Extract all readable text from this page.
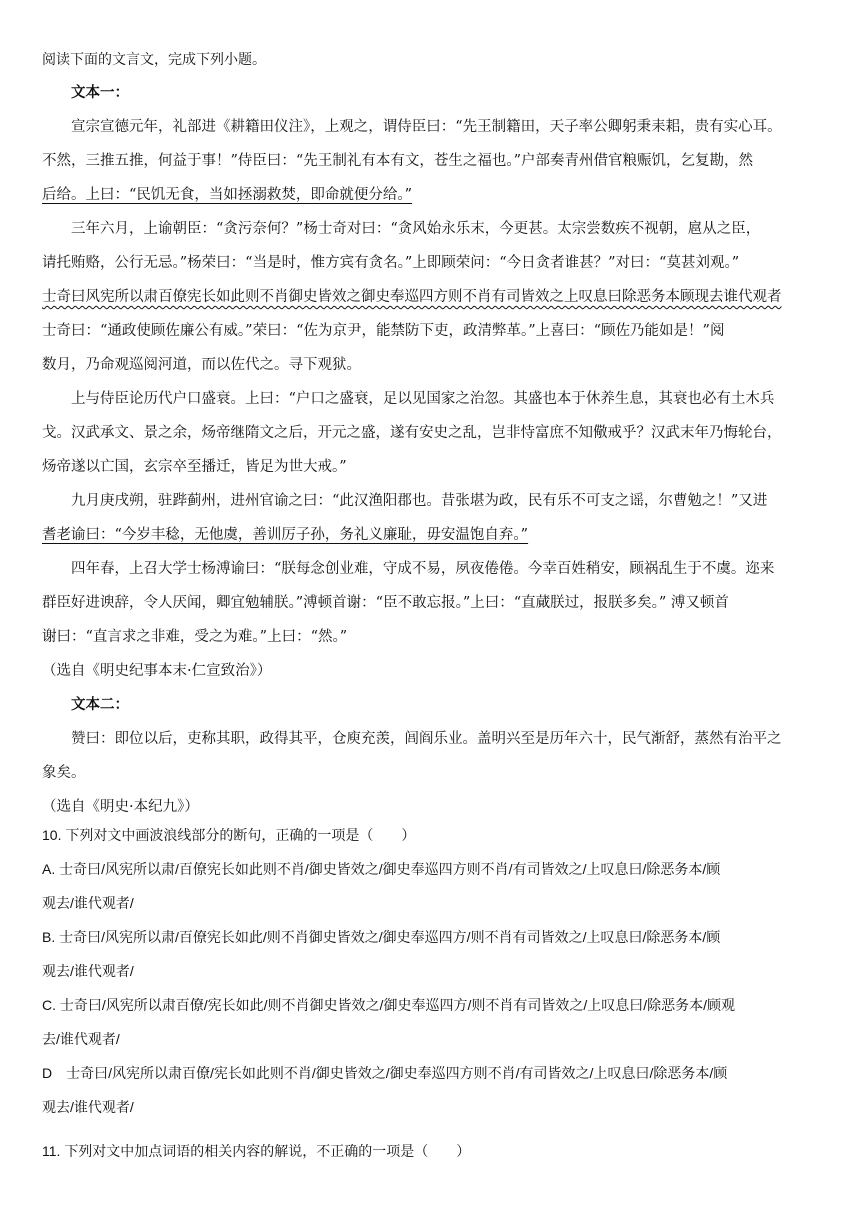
阅读下面的文言文，完成下列小题。
文本一：
宣宗宣德元年，礼部进《耕籍田仪注》，上观之，谓侍臣曰：“先王制籍田，天子率公卿躬秉耒耜，贵有实心耳。
不然，三推五推，何益于事！”侍臣曰：“先王制礼有本有文，苍生之福也。”户部奏青州借官粮赈饥，乞复勘，然
后给。上曰：“民饥无食，当如拯溺救焚，即命就便分给。”
三年六月，上谕朝臣：“贪污奈何？”杨士奇对曰：“贪风始永乐末，今更甚。太宗尝数疾不视朝，扈从之臣，
请托贿赂，公行无忌。”杨荣曰：“当是时，惟方宾有贪名。”上即顾荣问：“今日贪者谁甚？”对曰：“莫甚刘观。”
士奇曰风宪所以肃百僚宪长如此则不肖御史皆效之御史奉巡四方则不肖有司皆效之上叹息曰除恶务本顾现去谁代观者
士奇曰：“通政使顾佐廉公有威。”荣曰：“佐为京尹，能禁防下吏，政清弊革。”上喜曰：“顾佐乃能如是！”阅
数月，乃命观巡阅河道，而以佐代之。寻下观狱。
上与侍臣论历代户口盛衰。上曰：“户口之盛衰，足以见国家之治忽。其盛也本于休养生息，其衰也必有土木兵
戈。汉武承文、景之余，炀帝继隋文之后，开元之盛，遂有安史之乱，岂非恃富庶不知儆戒乎？汉武末年乃悔轮台，
炀帝遂以亡国，玄宗卒至播迁，皆足为世大戒。”
九月庚戌朔，驻跸蓟州，进州官谕之曰：“此汉渔阳郡也。昔张堪为政，民有乐不可支之谣，尔曹勉之！”又进
耆老谕曰：“今岁丰稔，无他虞，善训厉子孙，务礼义廉耻，毋安温饱自弃。”
四年春，上召大学士杨溥谕曰：“朕每念创业难，守成不易，夙夜倦倦。今幸百姓稍安，顾祸乱生于不虞。迩来
群臣好进谀辞，令人厌闻，卿宜勉辅朕。”溥顿首谢：“臣不敢忘报。”上曰：“直蕆朕过，报朕多矣。” 溥又顿首
谢曰：“直言求之非难，受之为难。”上曰：“然。”
（选自《明史纪事本末·仁宣致治》）
文本二：
赞曰：即位以后，吏称其职，政得其平，仓庾充羡，闾阎乐业。盖明兴至是历年六十，民气渐舒，蒸然有治平之
象矣。
（选自《明史·本纪九》）
10. 下列对文中画波浪线部分的断句，正确的一项是（　　）
A. 士奇曰/风宪所以肃/百僚宪长如此则不肖/御史皆效之/御史奉巡四方则不肖/有司皆效之/上叹息曰/除恶务本/顾
观去/谁代观者/
B. 士奇曰/风宪所以肃/百僚宪长如此/则不肖御史皆效之/御史奉巡四方/则不肖有司皆效之/上叹息曰/除恶务本/顾
观去/谁代观者/
C. 士奇曰/风宪所以肃百僚/宪长如此/则不肖御史皆效之/御史奉巡四方/则不肖有司皆效之/上叹息曰/除恶务本/顾观
去/谁代观者/
D　士奇曰/风宪所以肃百僚/宪长如此则不肖/御史皆效之/御史奉巡四方则不肖/有司皆效之/上叹息曰/除恶务本/顾
观去/谁代观者/
11. 下列对文中加点词语的相关内容的解说，不正确的一项是（　　）
